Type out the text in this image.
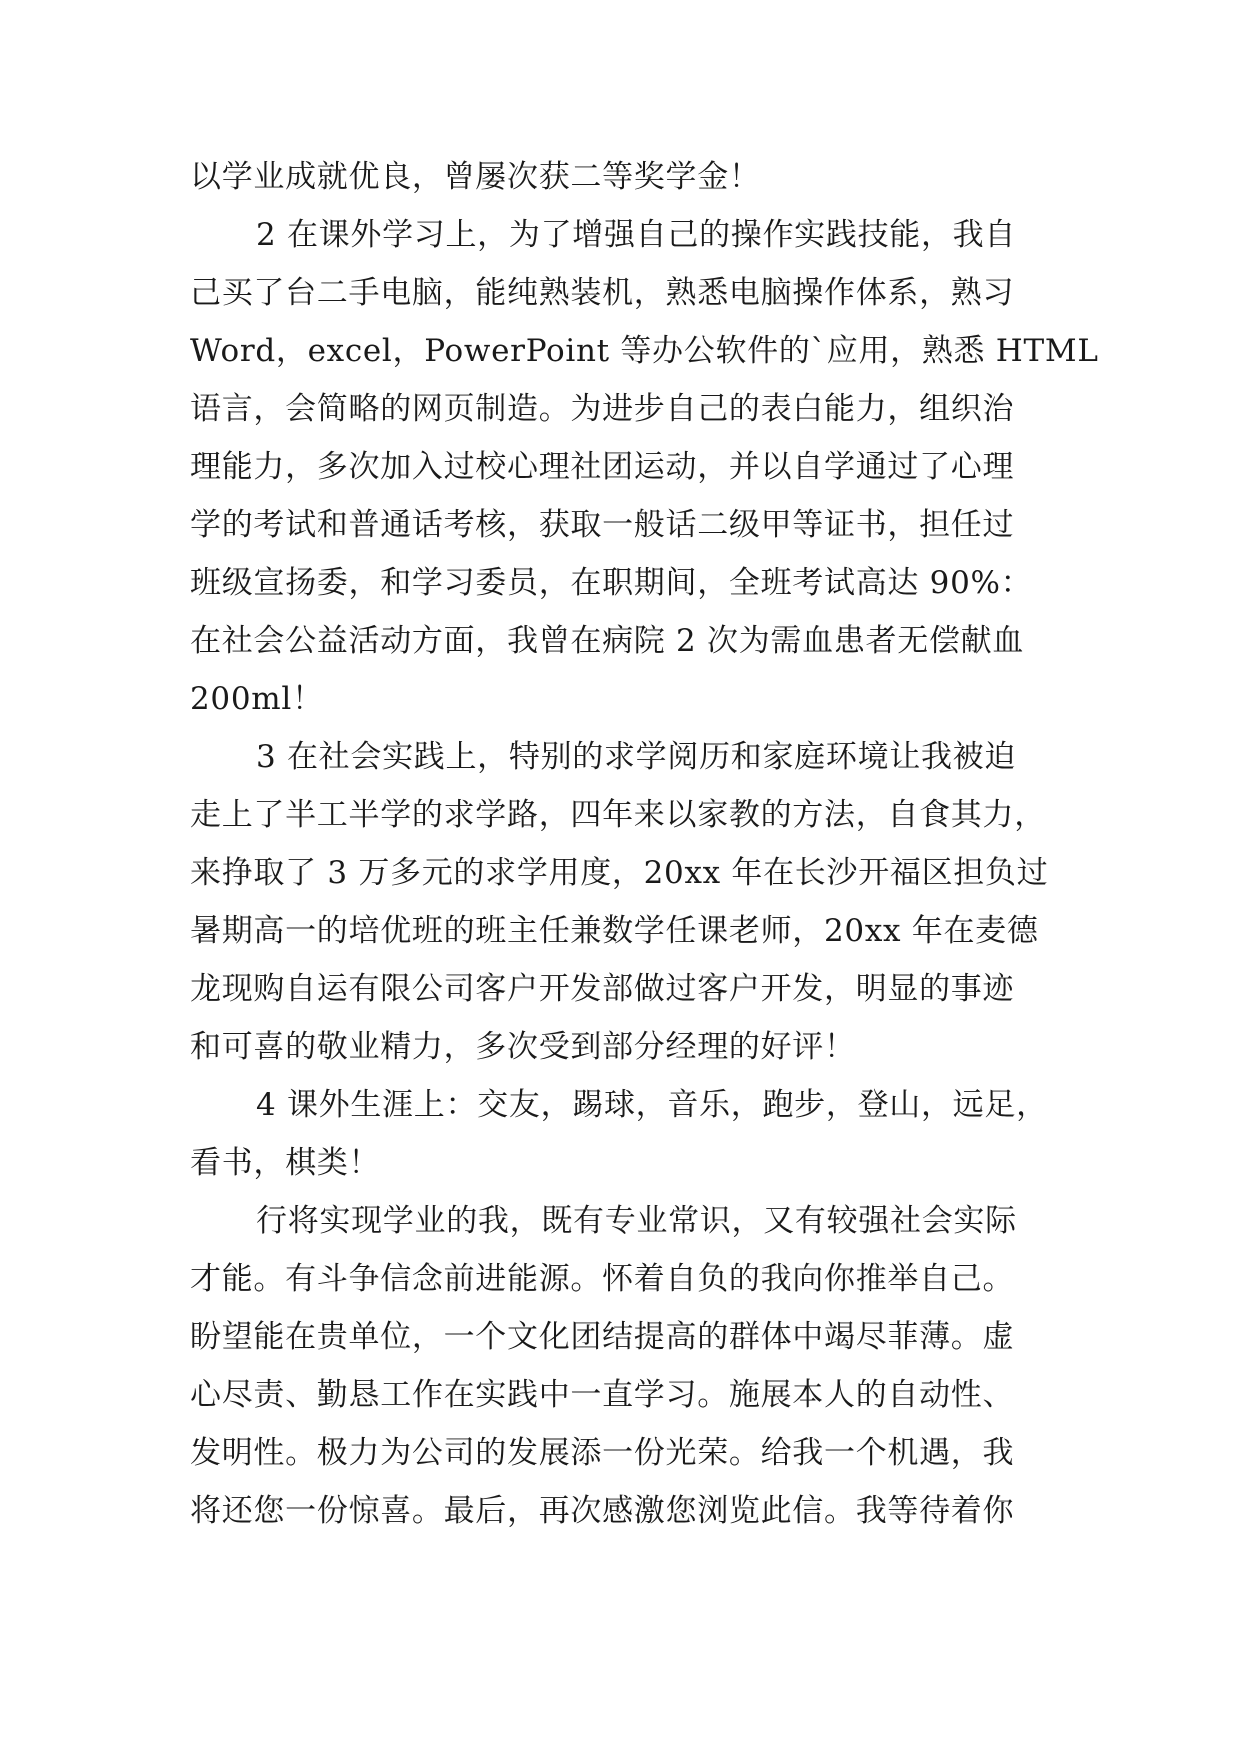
以学业成就优良，曾屡次获二等奖学金！
2 在课外学习上，为了增强自己的操作实践技能，我自
己买了台二手电脑，能纯熟装机，熟悉电脑操作体系，熟习
Word，excel，PowerPoint 等办公软件的`应用，熟悉 HTML
语言，会简略的网页制造。为进步自己的表白能力，组织治
理能力，多次加入过校心理社团运动，并以自学通过了心理
学的考试和普通话考核，获取一般话二级甲等证书，担任过
班级宣扬委，和学习委员，在职期间，全班考试高达 90%：
在社会公益活动方面，我曾在病院 2 次为需血患者无偿献血
200ml！
3 在社会实践上，特别的求学阅历和家庭环境让我被迫
走上了半工半学的求学路，四年来以家教的方法，自食其力，
来挣取了 3 万多元的求学用度，20xx 年在长沙开福区担负过
暑期高一的培优班的班主任兼数学任课老师，20xx 年在麦德
龙现购自运有限公司客户开发部做过客户开发，明显的事迹
和可喜的敬业精力，多次受到部分经理的好评！
4 课外生涯上：交友，踢球，音乐，跑步，登山，远足，
看书，棋类！
行将实现学业的我，既有专业常识，又有较强社会实际
才能。有斗争信念前进能源。怀着自负的我向你推举自己。
盼望能在贵单位，一个文化团结提高的群体中竭尽菲薄。虚
心尽责、勤恳工作在实践中一直学习。施展本人的自动性、
发明性。极力为公司的发展添一份光荣。给我一个机遇，我
将还您一份惊喜。最后，再次感激您浏览此信。我等待着你
